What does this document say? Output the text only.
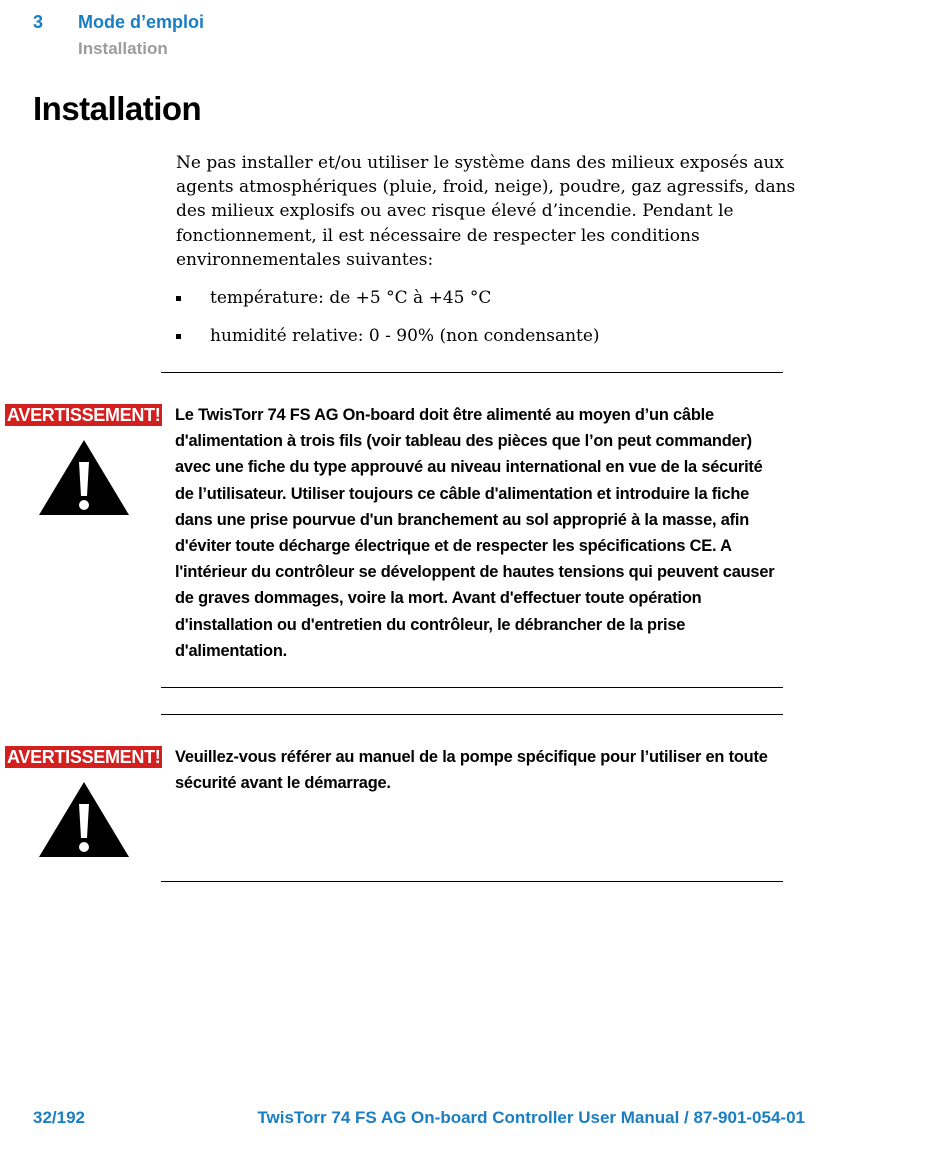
3 Mode d’emploi
Installation
Installation

Ne pas installer et/ou utiliser le système dans des milieux exposés aux agents atmosphériques (pluie, froid, neige), poudre, gaz agressifs, dans des milieux explosifs ou avec risque élevé d’incendie. Pendant le fonctionnement, il est nécessaire de respecter les conditions environnementales suivantes:

température: de +5 °C à +45 °C
humidité relative: 0 - 90% (non condensante)
AVERTISSEMENT! Le TwisTorr 74 FS AG On-board doit être alimenté au moyen d’un câble d'alimentation à trois fils (voir tableau des pièces que l’on peut commander) avec une fiche du type approuvé au niveau international en vue de la sécurité de l’utilisateur. Utiliser toujours ce câble d'alimentation et introduire la fiche dans une prise pourvue d'un branchement au sol approprié à la masse, afin d'éviter toute décharge électrique et de respecter les spécifications CE. A l'intérieur du contrôleur se développent de hautes tensions qui peuvent causer de graves dommages, voire la mort. Avant d'effectuer toute opération d'installation ou d'entretien du contrôleur, le débrancher de la prise d'alimentation.

AVERTISSEMENT! Veuillez-vous référer au manuel de la pompe spécifique pour l’utiliser en toute sécurité avant le démarrage.

32/192	TwisTorr 74 FS AG On-board Controller User Manual / 87-901-054-01
